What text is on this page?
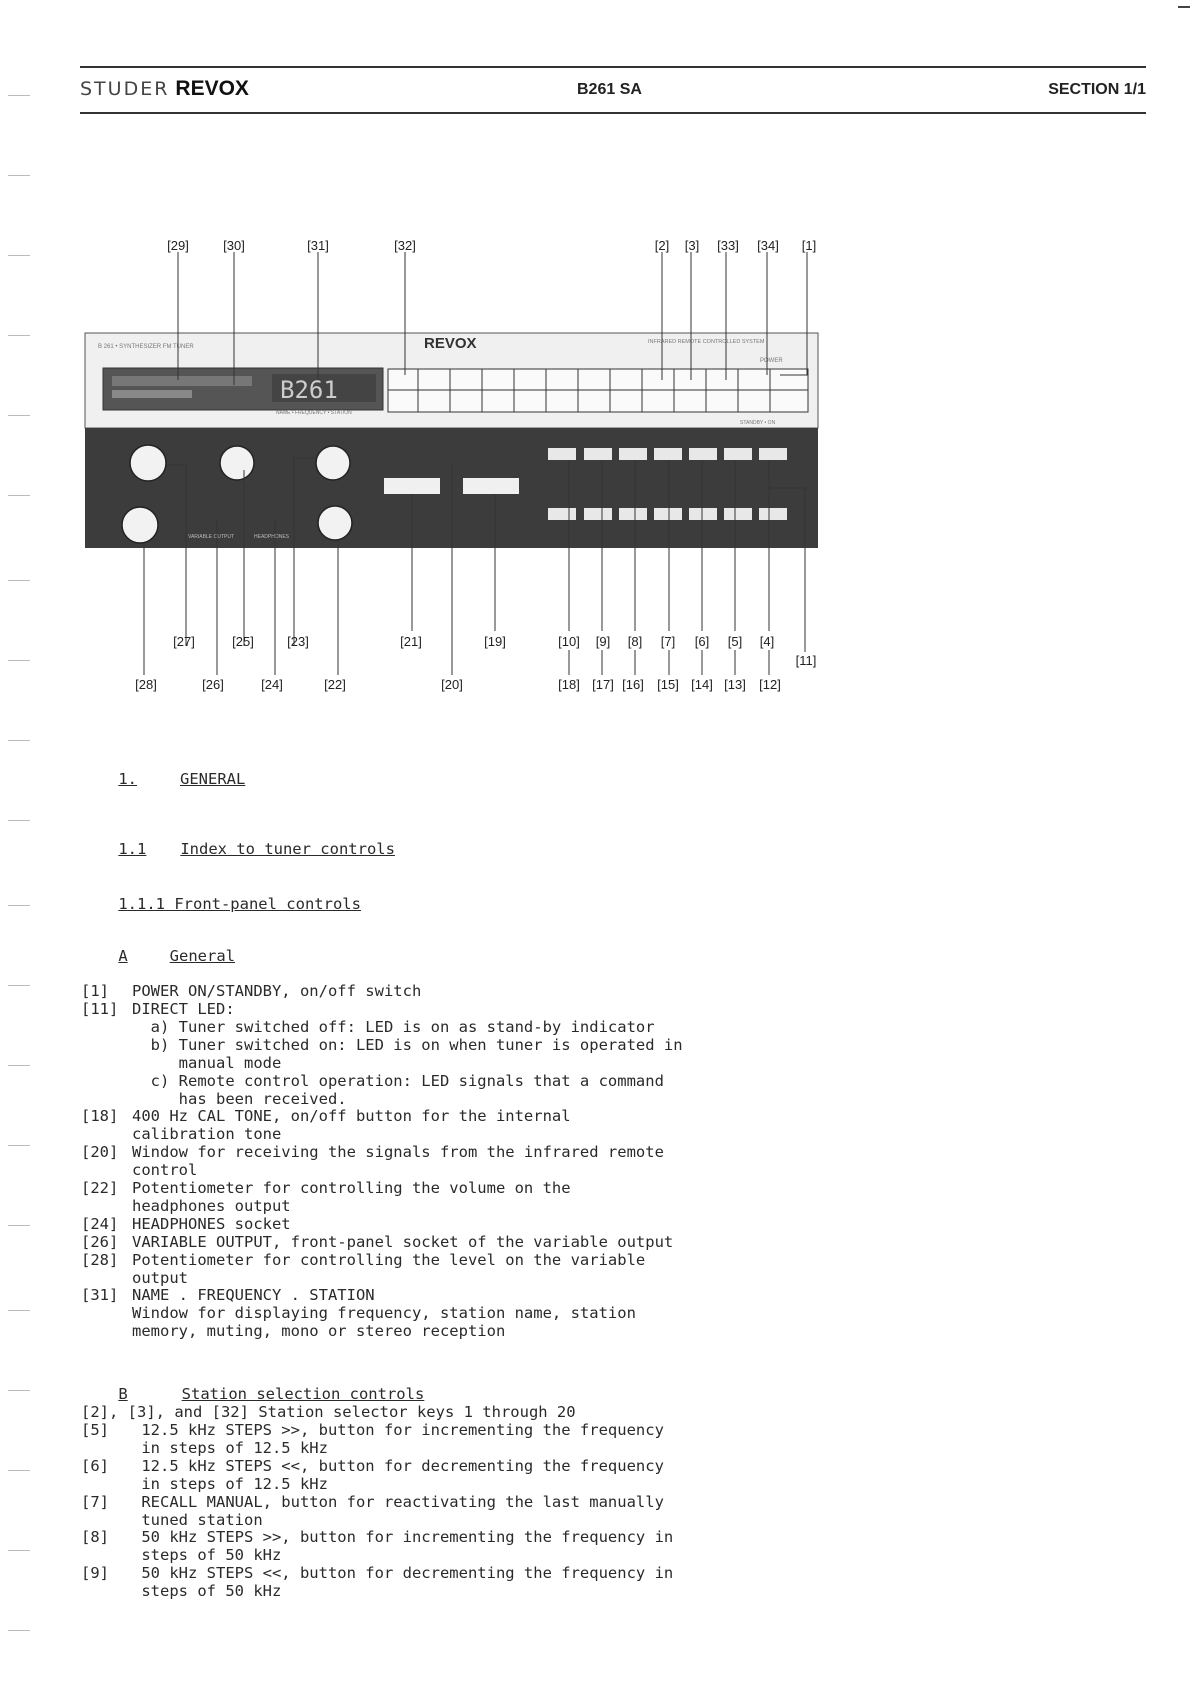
STUDER REVOX	B261 SA	SECTION 1/1
B 261 • SYNTHESIZER FM TUNER	REVOX	INFRARED REMOTE CONTROLLED SYSTEM
B261
NAME • FREQUENCY • STATION
POWER
STANDBY • ON
VARIABLE OUTPUT	HEADPHONES
[29]	[30]	[31]	[32]	[2] [3] [33] [34] [1]
[27]	[25]	[23]	[21]	[19]	[10] [9] [8] [7] [6] [5] [4]
[11]
[28]	[26]	[24]	[22]	[20]	[18] [17] [16] [15] [14] [13] [12]

1.	GENERAL

1.1 Index to tuner controls

1.1.1 Front-panel controls

A	General

[1] POWER ON/STANDBY, on/off switch
[11] DIRECT LED:
a) Tuner switched off: LED is on as stand-by indicator
b) Tuner switched on: LED is on when tuner is operated in
manual mode
c) Remote control operation: LED signals that a command
has been received.
[18] 400 Hz CAL TONE, on/off button for the internal
calibration tone
[20] Window for receiving the signals from the infrared remote
control
[22] Potentiometer for controlling the volume on the
headphones output
[24] HEADPHONES socket
[26] VARIABLE OUTPUT, front-panel socket of the variable output
[28] Potentiometer for controlling the level on the variable
output
[31] NAME . FREQUENCY . STATION
Window for displaying frequency, station name, station
memory, muting, mono or stereo reception

B	Station selection controls

[2], [3], and [32] Station selector keys 1 through 20
[5]	12.5 kHz STEPS >>, button for incrementing the frequency
in steps of 12.5 kHz
[6]	12.5 kHz STEPS <<, button for decrementing the frequency
in steps of 12.5 kHz
[7]	RECALL MANUAL, button for reactivating the last manually
tuned station
[8]	50 kHz STEPS >>, button for incrementing the frequency in
steps of 50 kHz
[9]	50 kHz STEPS <<, button for decrementing the frequency in
steps of 50 kHz
